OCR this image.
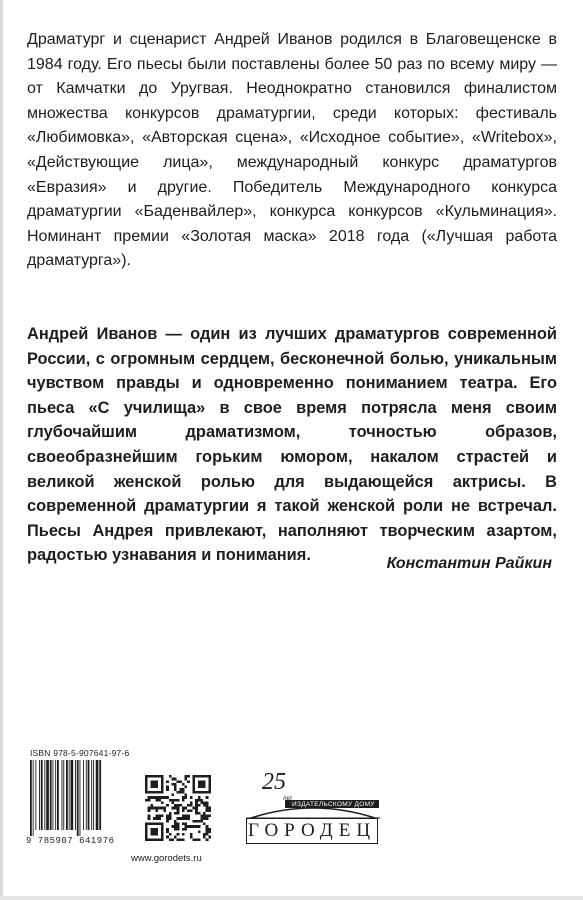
Драматург и сценарист Андрей Иванов родился в Благовещенске в 1984 году. Его пьесы были поставлены более 50 раз по всему миру — от Камчатки до Уругвая. Неоднократно становился финалистом множества конкурсов драматургии, среди которых: фестиваль «Любимовка», «Авторская сцена», «Исходное событие», «Writebox», «Действующие лица», международный конкурс драматургов «Евразия» и другие. Победитель Международного конкурса драматургии «Баденвайлер», конкурса конкурсов «Кульминация». Номинант премии «Золотая маска» 2018 года («Лучшая работа драматурга»).

Андрей Иванов — один из лучших драматургов современной России, с огромным сердцем, бесконечной болью, уникальным чувством правды и одновременно пониманием театра. Его пьеса «С училища» в свое время потрясла меня своим глубочайшим драматизмом, точностью образов, своеобразнейшим горьким юмором, накалом страстей и великой женской ролью для выдающейся актрисы. В современной драматургии я такой женской роли не встречал. Пьесы Андрея привлекают, наполняют творческим азартом, радостью узнавания и понимания.	Константин Райкин

ISBN 978-5-907641-97-6
9 785907 641976
www.gorodets.ru
25
лет
ИЗДАТЕЛЬСКОМУ ДОМУ
ГОРОДЕЦ
